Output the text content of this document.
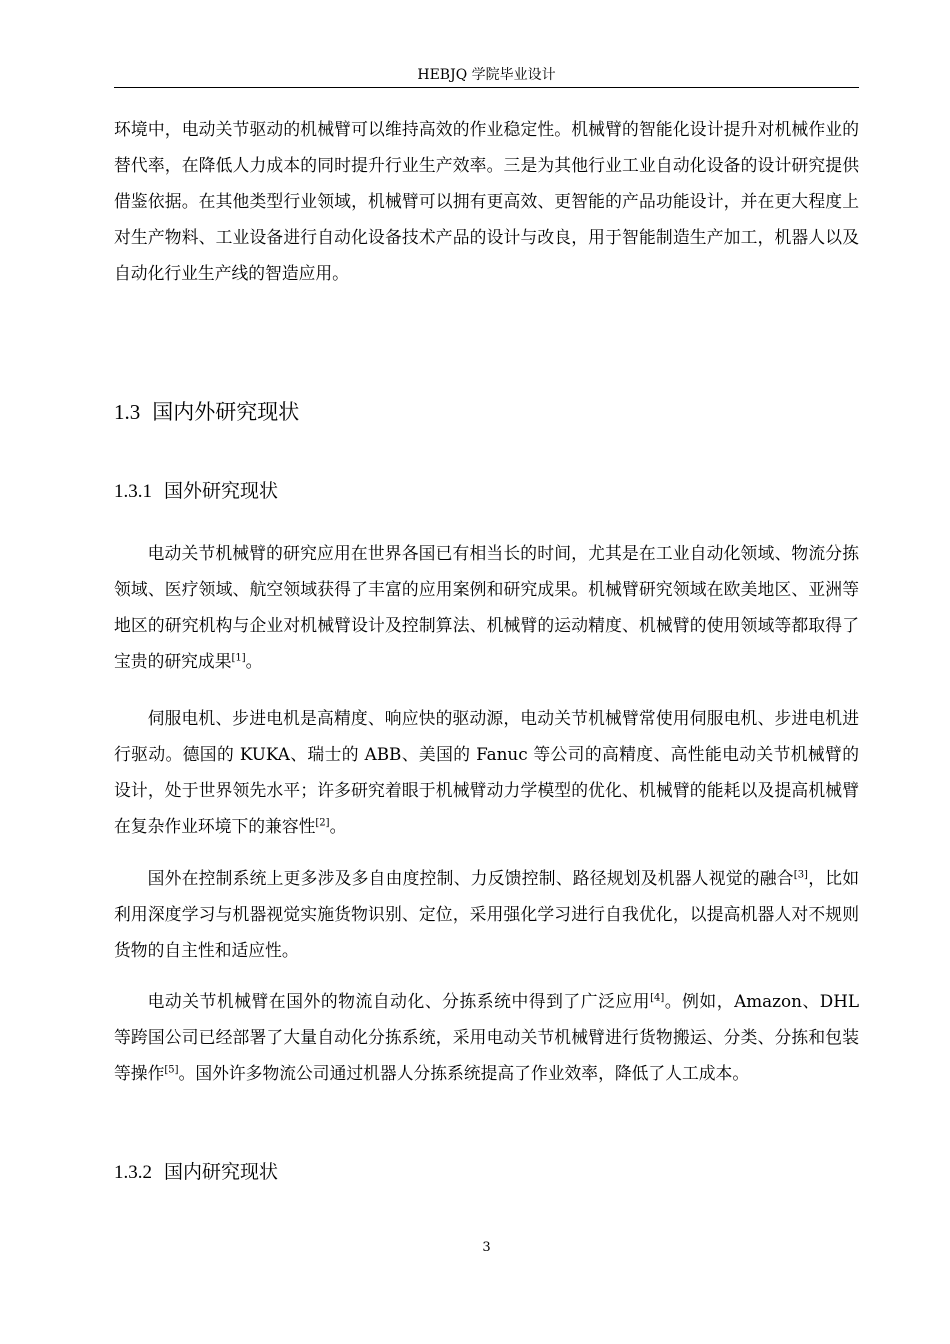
HEBJQ 学院毕业设计

环境中，电动关节驱动的机械臂可以维持高效的作业稳定性。机械臂的智能化设计提升对机械作业的替代率，在降低人力成本的同时提升行业生产效率。三是为其他行业工业自动化设备的设计研究提供借鉴依据。在其他类型行业领域，机械臂可以拥有更高效、更智能的产品功能设计，并在更大程度上对生产物料、工业设备进行自动化设备技术产品的设计与改良，用于智能制造生产加工，机器人以及自动化行业生产线的智造应用。

1.3 国内外研究现状
1.3.1 国外研究现状

电动关节机械臂的研究应用在世界各国已有相当长的时间，尤其是在工业自动化领域、物流分拣领域、医疗领域、航空领域获得了丰富的应用案例和研究成果。机械臂研究领域在欧美地区、亚洲等地区的研究机构与企业对机械臂设计及控制算法、机械臂的运动精度、机械臂的使用领域等都取得了宝贵的研究成果[1]。

伺服电机、步进电机是高精度、响应快的驱动源，电动关节机械臂常使用伺服电机、步进电机进行驱动。德国的 KUKA、瑞士的 ABB、美国的 Fanuc 等公司的高精度、高性能电动关节机械臂的设计，处于世界领先水平；许多研究着眼于机械臂动力学模型的优化、机械臂的能耗以及提高机械臂在复杂作业环境下的兼容性[2]。

国外在控制系统上更多涉及多自由度控制、力反馈控制、路径规划及机器人视觉的融合[3]，比如利用深度学习与机器视觉实施货物识别、定位，采用强化学习进行自我优化，以提高机器人对不规则货物的自主性和适应性。

电动关节机械臂在国外的物流自动化、分拣系统中得到了广泛应用[4]。例如，Amazon、DHL 等跨国公司已经部署了大量自动化分拣系统，采用电动关节机械臂进行货物搬运、分类、分拣和包装等操作[5]。国外许多物流公司通过机器人分拣系统提高了作业效率，降低了人工成本。

1.3.2 国内研究现状
3
